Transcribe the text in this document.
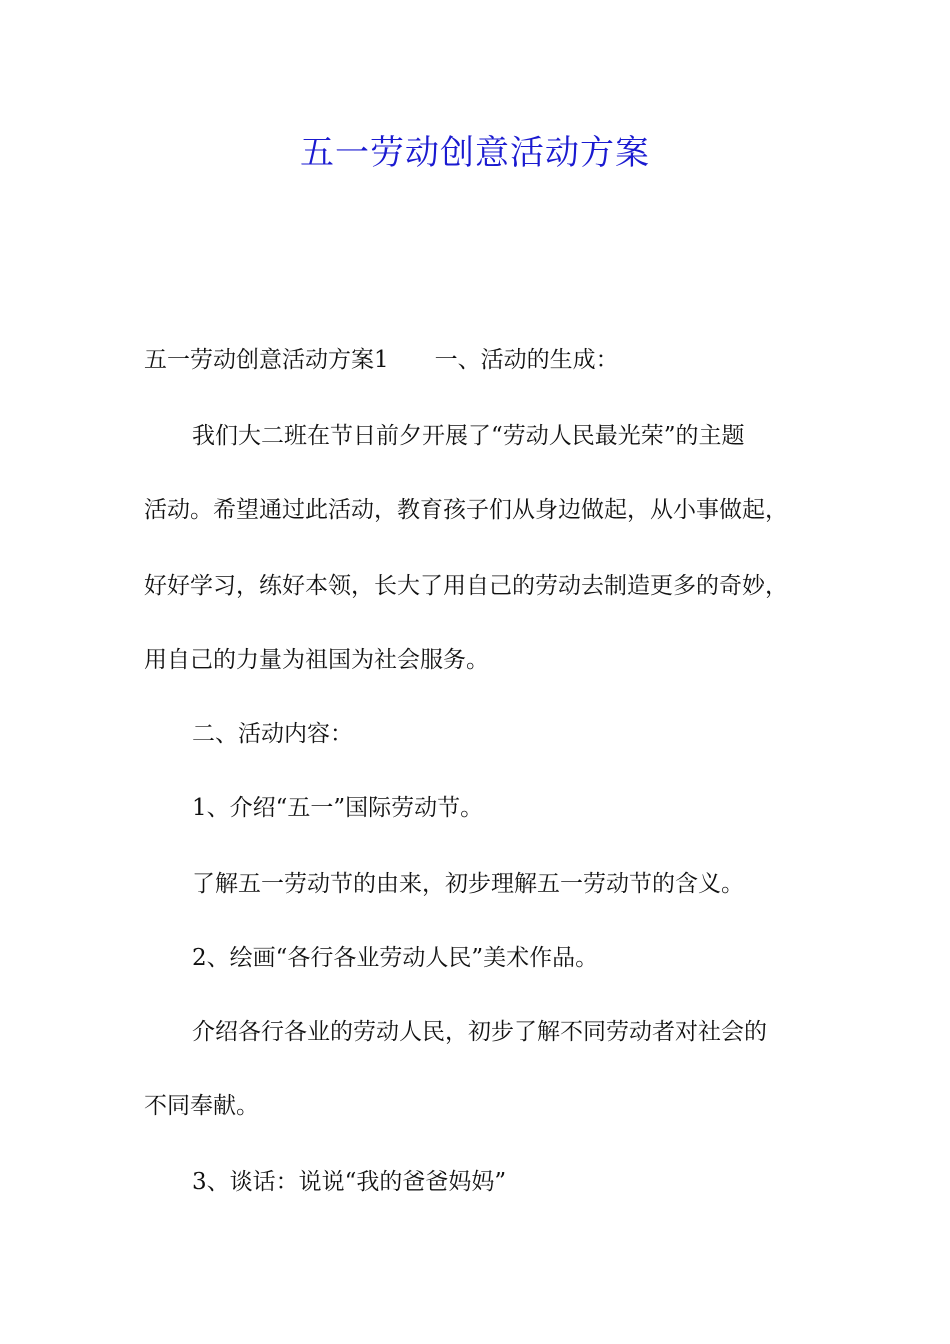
五一劳动创意活动方案
五一劳动创意活动方案1 一、活动的生成：
我们大二班在节日前夕开展了“劳动人民最光荣”的主题
活动。希望通过此活动，教育孩子们从身边做起，从小事做起，
好好学习，练好本领，长大了用自己的劳动去制造更多的奇妙，
用自己的力量为祖国为社会服务。
二、活动内容：
1、介绍“五一”国际劳动节。
了解五一劳动节的由来，初步理解五一劳动节的含义。
2、绘画“各行各业劳动人民”美术作品。
介绍各行各业的劳动人民，初步了解不同劳动者对社会的
不同奉献。
3、谈话：说说“我的爸爸妈妈”
